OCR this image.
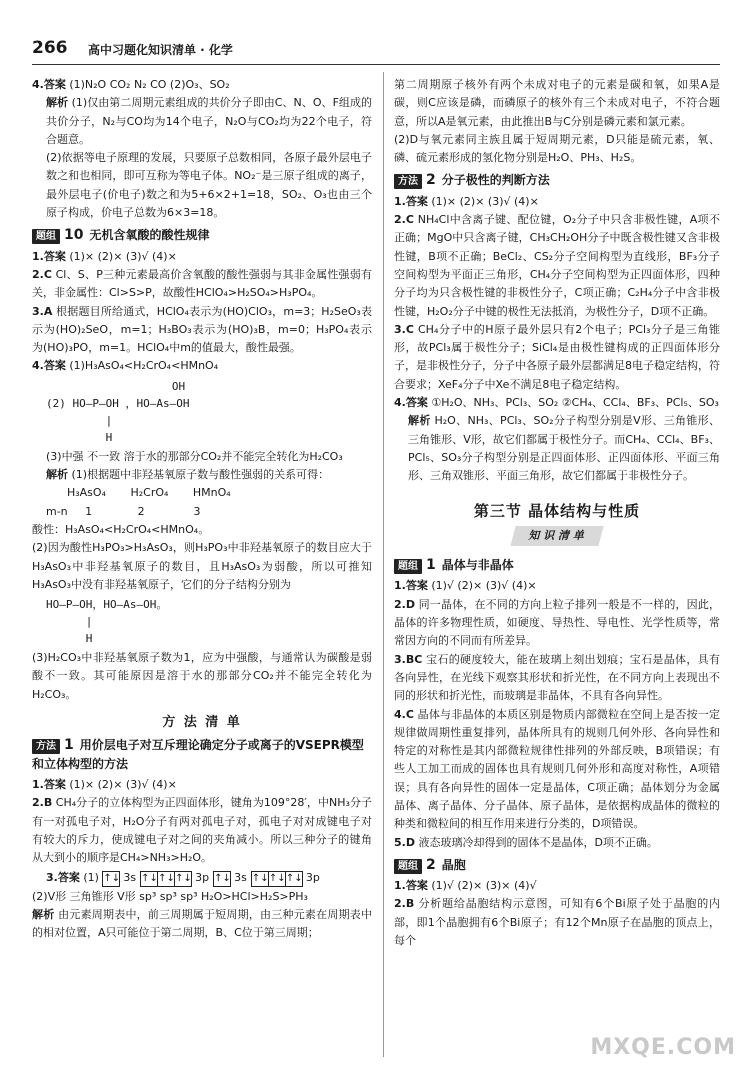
266 高中习题化知识清单 · 化学

4.答案 (1)N₂O CO₂ N₂ CO (2)O₃、SO₂

解析 (1)仅由第二周期元素组成的共价分子即由C、N、O、F组成的共价分子，N₂与CO均为14个电子，N₂O与CO₂均为22个电子，符合题意。

(2)依据等电子原理的发展，只要原子总数相同，各原子最外层电子数之和也相同，即可互称为等电子体。NO₂⁻是三原子组成的离子，最外层电子(价电子)数之和为5+6×2+1=18，SO₂、O₃也由三个原子构成，价电子总数为6×3=18。

题组 10 无机含氧酸的酸性规律

1.答案 (1)× (2)× (3)√ (4)×

2.C Cl、S、P三种元素最高价含氧酸的酸性强弱与其非金属性强弱有关，非金属性：Cl>S>P，故酸性HClO₄>H₂SO₄>H₃PO₄。

3.A 根据题目所给通式，HClO₄表示为(HO)ClO₃，m=3；H₂SeO₃表示为(HO)₂SeO，m=1；H₃BO₃表示为(HO)₃B，m=0；H₃PO₄表示为(HO)₃PO，m=1。HClO₄中m的值最大，酸性最强。

4.答案 (1)H₃AsO₄<H₂CrO₄<HMnO₄

OH
(2) HO—P—OH ，HO—As—OH
|
H

(3)中强 不一致 溶于水的那部分CO₂并不能完全转化为H₂CO₃

解析 (1)根据题中非羟基氧原子数与酸性强弱的关系可得：

H₃AsO₄       H₂CrO₄       HMnO₄
m-n     1             2              3

酸性：H₃AsO₄<H₂CrO₄<HMnO₄。

(2)因为酸性H₃PO₃>H₃AsO₃，则H₃PO₃中非羟基氧原子的数目应大于H₃AsO₃中非羟基氧原子的数目，且H₃AsO₃为弱酸，所以可推知H₃AsO₃中没有非羟基氧原子，它们的分子结构分别为

HO—P—OH，HO—As—OH。
|
H

(3)H₂CO₃中非羟基氧原子数为1，应为中强酸，与通常认为碳酸是弱酸不一致。其可能原因是溶于水的那部分CO₂并不能完全转化为H₂CO₃。

方 法 清 单
方法 1 用价层电子对互斥理论确定分子或离子的VSEPR模型和立体构型的方法

1.答案 (1)× (2)× (3)√ (4)×

2.B CH₄分子的立体构型为正四面体形，键角为109°28′，中NH₃分子有一对孤电子对，H₂O分子有两对孤电子对，孤电子对对成键电子对有较大的斥力，使成键电子对之间的夹角减小。所以三种分子的键角从大到小的顺序是CH₄>NH₃>H₂O。

3.答案 (1) ↑↓ 3s ↑↓↑↓↑↓ 3p ↑↓ 3s ↑↓↑↓↑↓ 3p

(2)V形 三角锥形 V形 sp³ sp³ sp³ H₂O>HCl>H₂S>PH₃

解析 由元素周期表中，前三周期属于短周期，由三种元素在周期表中的相对位置，A只可能位于第二周期，B、C位于第三周期；

第二周期原子核外有两个未成对电子的元素是碳和氧，如果A是碳，则C应该是磷，而磷原子的核外有三个未成对电子，不符合题意，所以A是氧元素，由此推出B与C分别是磷元素和氯元素。

(2)D与氧元素同主族且属于短周期元素，D只能是硫元素，氧、磷、硫元素形成的氢化物分别是H₂O、PH₃、H₂S。

方法 2 分子极性的判断方法

1.答案 (1)× (2)× (3)√ (4)×

2.C NH₄Cl中含离子键、配位键，O₂分子中只含非极性键，A项不正确；MgO中只含离子键，CH₃CH₂OH分子中既含极性键又含非极性键，B项不正确；BeCl₂、CS₂分子空间构型为直线形，BF₃分子空间构型为平面正三角形，CH₄分子空间构型为正四面体形，四种分子均为只含极性键的非极性分子，C项正确；C₂H₄分子中含非极性键，H₂O₂分子中键的极性无法抵消，为极性分子，D项不正确。

3.C CH₄分子中的H原子最外层只有2个电子；PCl₃分子是三角锥形，故PCl₃属于极性分子；SiCl₄是由极性键构成的正四面体形分子，是非极性分子，分子中各原子最外层都满足8电子稳定结构，符合要求；XeF₄分子中Xe不满足8电子稳定结构。

4.答案 ①H₂O、NH₃、PCl₃、SO₂ ②CH₄、CCl₄、BF₃、PCl₅、SO₃

解析 H₂O、NH₃、PCl₃、SO₂分子构型分别是V形、三角锥形、三角锥形、V形，故它们都属于极性分子。而CH₄、CCl₄、BF₃、PCl₅、SO₃分子构型分别是正四面体形、正四面体形、平面三角形、三角双锥形、平面三角形，故它们都属于非极性分子。

第三节 晶体结构与性质
知 识 清 单
题组 1 晶体与非晶体

1.答案 (1)√ (2)× (3)√ (4)×

2.D 同一晶体，在不同的方向上粒子排列一般是不一样的，因此，晶体的许多物理性质，如硬度、导热性、导电性、光学性质等，常常因方向的不同而有所差异。

3.BC 宝石的硬度较大，能在玻璃上刻出划痕；宝石是晶体，具有各向异性，在光线下观察其形状和折光性，在不同方向上表现出不同的形状和折光性，而玻璃是非晶体，不具有各向异性。

4.C 晶体与非晶体的本质区别是物质内部微粒在空间上是否按一定规律做周期性重复排列，晶体所具有的规则几何外形、各向异性和特定的对称性是其内部微粒规律性排列的外部反映，B项错误；有些人工加工而成的固体也具有规则几何外形和高度对称性，A项错误；具有各向异性的固体一定是晶体，C项正确；晶体划分为金属晶体、离子晶体、分子晶体、原子晶体，是依据构成晶体的微粒的种类和微粒间的相互作用来进行分类的，D项错误。

5.D 液态玻璃冷却得到的固体不是晶体，D项不正确。

题组 2 晶胞

1.答案 (1)√ (2)× (3)× (4)√

2.B 分析题给晶胞结构示意图，可知有6个Bi原子处于晶胞的内部，即1个晶胞拥有6个Bi原子；有12个Mn原子在晶胞的顶点上，每个

MXQE.COM
